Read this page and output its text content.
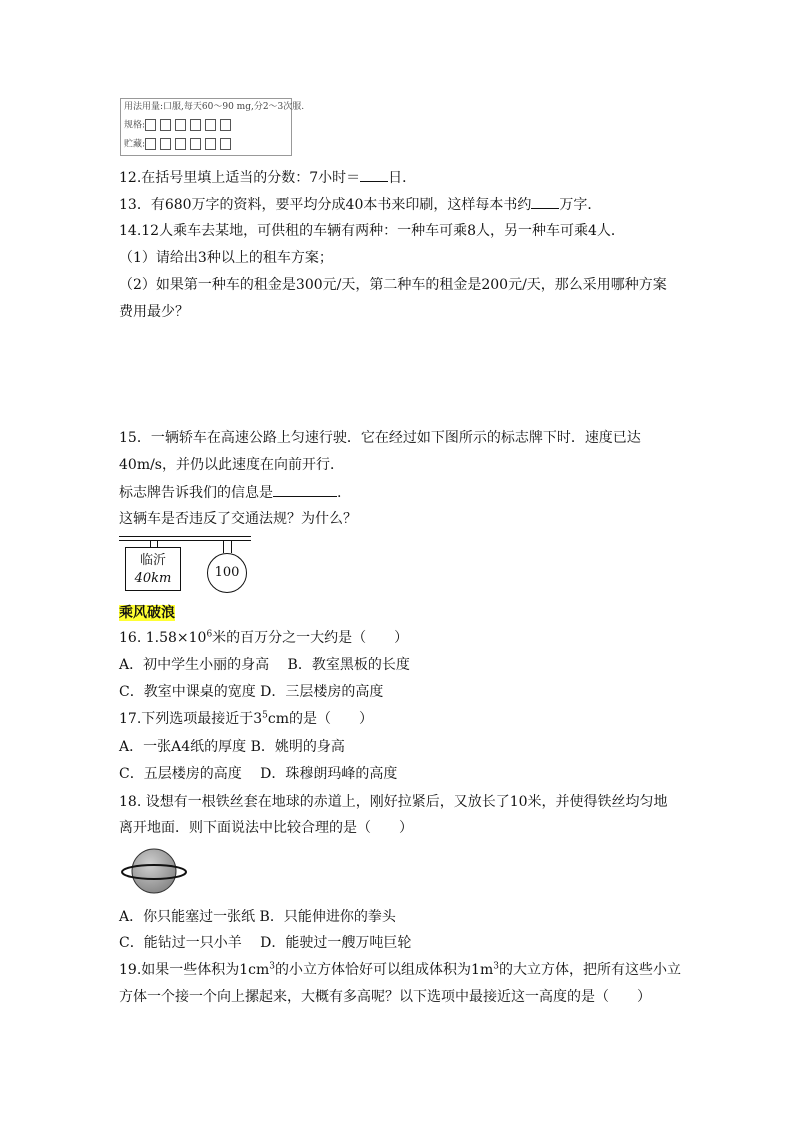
用法用量:口服,每天60～90 mg,分2～3次服.
规格:
贮藏:
12.在括号里填上适当的分数：7小时＝ 日．
13．有680万字的资料，要平均分成40本书来印刷，这样每本书约 万字．
14.12人乘车去某地，可供租的车辆有两种：一种车可乘8人，另一种车可乘4人．
（1）请给出3种以上的租车方案；
（2）如果第一种车的租金是300元/天，第二种车的租金是200元/天，那么采用哪种方案
费用最少？
15．一辆轿车在高速公路上匀速行驶．它在经过如下图所示的标志牌下时．速度已达
40m/s，并仍以此速度在向前开行．
标志牌告诉我们的信息是	.
这辆车是否违反了交通法规？为什么？
临沂
40km	100
乘风破浪
16. $1.58\times 10^6$米的百万分之一大约是（　　）
A．初中学生小丽的身高　 B．教室黑板的长度
C．教室中课桌的宽度 D．三层楼房的高度
17.下列选项最接近于$3^5cm$的是（　　）
A．一张A4纸的厚度 B．姚明的身高
C．五层楼房的高度　 D．珠穆朗玛峰的高度
18. 设想有一根铁丝套在地球的赤道上，刚好拉紧后，又放长了10米，并使得铁丝均匀地
离开地面．则下面说法中比较合理的是（　　）
A．你只能塞过一张纸 B．只能伸进你的拳头
C．能钻过一只小羊　 D．能驶过一艘万吨巨轮
19.如果一些体积为$1cm^3$的小立方体恰好可以组成体积为$1m^3$的大立方体，把所有这些小立
方体一个接一个向上摞起来，大概有多高呢？以下选项中最接近这一高度的是（　　）
